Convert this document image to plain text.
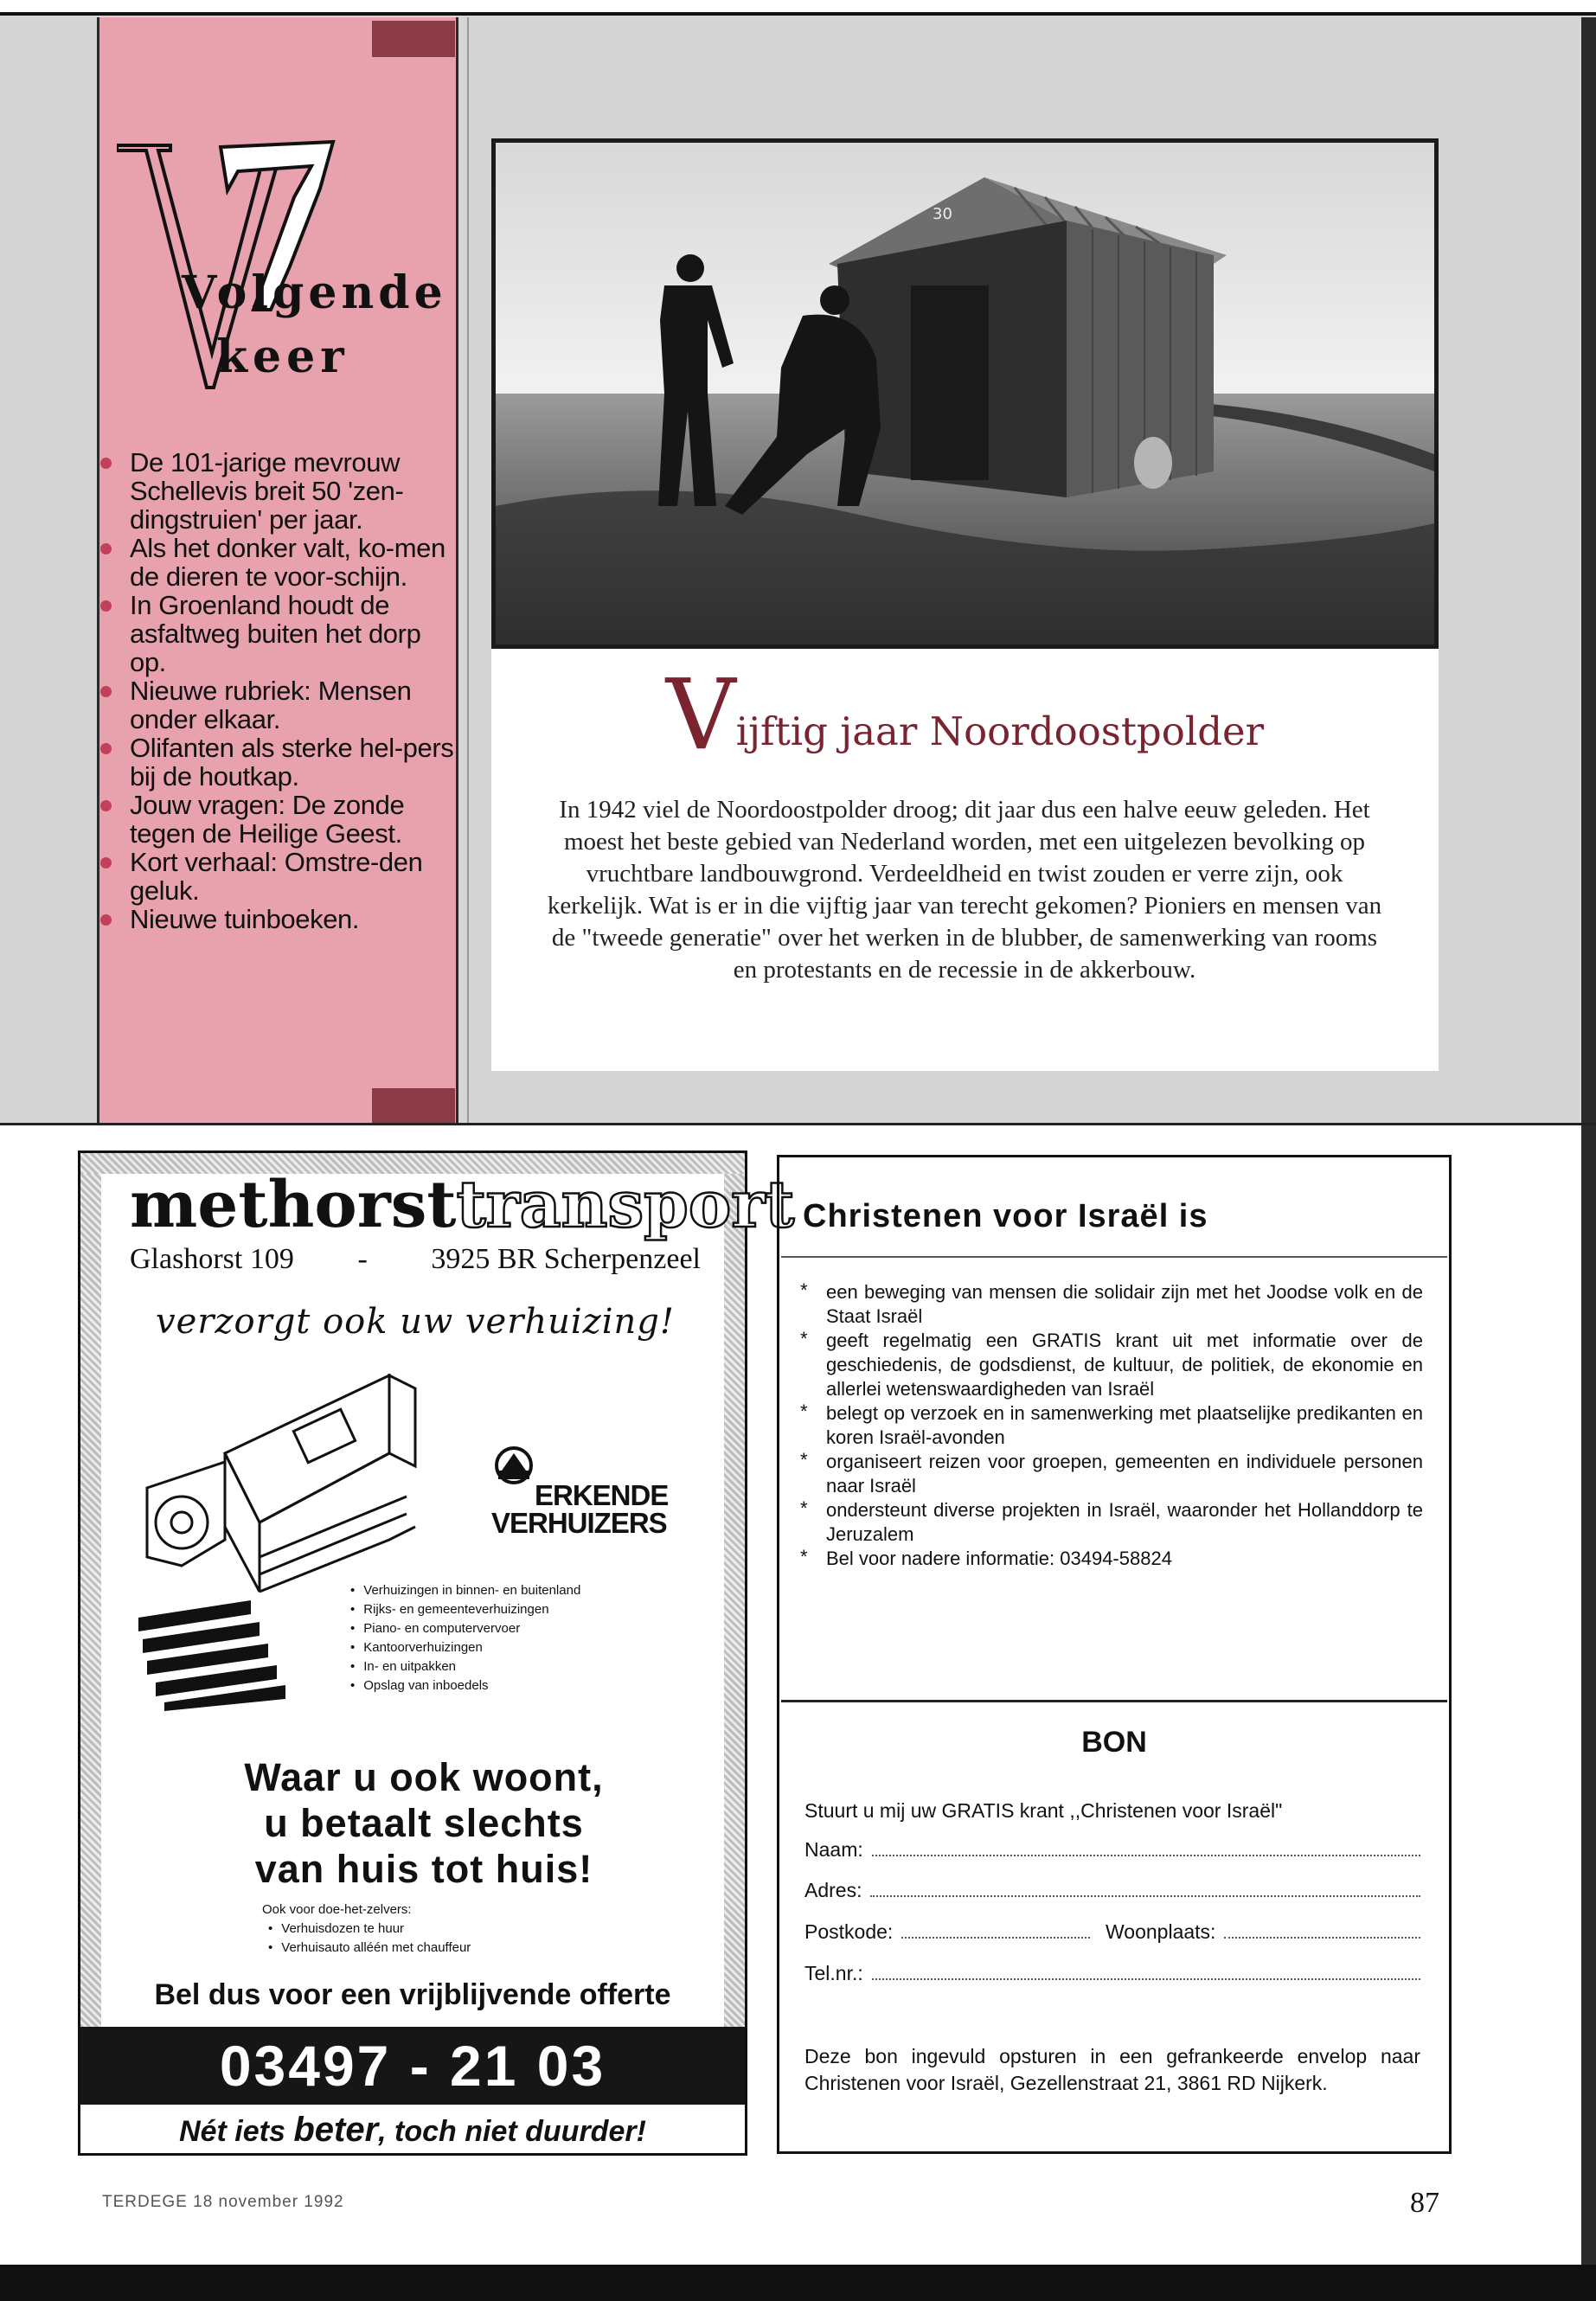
Volgende
keer
De 101-jarige mevrouw Schellevis breit 50 'zen-dingstruien' per jaar.
Als het donker valt, ko-men de dieren te voor-schijn.
In Groenland houdt de asfaltweg buiten het dorp op.
Nieuwe rubriek: Mensen onder elkaar.
Olifanten als sterke hel-pers bij de houtkap.
Jouw vragen: De zonde tegen de Heilige Geest.
Kort verhaal: Omstre-den geluk.
Nieuwe tuinboeken.
30
Vijftig jaar Noordoostpolder
In 1942 viel de Noordoostpolder droog; dit jaar dus een halve eeuw geleden. Het moest het beste gebied van Nederland worden, met een uitgelezen bevolking op vruchtbare landbouwgrond. Verdeeldheid en twist zouden er verre zijn, ook kerkelijk. Wat is er in die vijftig jaar van terecht gekomen? Pioniers en mensen van de "tweede generatie" over het werken in de blubber, de samenwerking van rooms en protestants en de recessie in de akkerbouw.
methorsttransport
Glashorst 109 - 3925 BR Scherpenzeel
verzorgt ook uw verhuizing!
ERKENDE
VERHUIZERS
• Verhuizingen in binnen- en buitenland
• Rijks- en gemeenteverhuizingen
• Piano- en computervervoer
• Kantoorverhuizingen
• In- en uitpakken
• Opslag van inboedels
Waar u ook woont,
u betaalt slechts
van huis tot huis!
Ook voor doe-het-zelvers:
• Verhuisdozen te huur
• Verhuisauto alléén met chauffeur
Bel dus voor een vrijblijvende offerte
03497 - 21 03
Nét iets beter, toch niet duurder!
Christenen voor Israël is
* een beweging van mensen die solidair zijn met het Joodse volk en de Staat Israël
* geeft regelmatig een GRATIS krant uit met informatie over de geschiedenis, de godsdienst, de kultuur, de politiek, de ekonomie en allerlei wetenswaardigheden van Israël
* belegt op verzoek en in samenwerking met plaatselijke predikanten en koren Israël-avonden
* organiseert reizen voor groepen, gemeenten en individuele personen naar Israël
* ondersteunt diverse projekten in Israël, waaronder het Hollanddorp te Jeruzalem
* Bel voor nadere informatie: 03494-58824
BON
Stuurt u mij uw GRATIS krant ,,Christenen voor Israël"
Naam:
Adres:
Postkode:	Woonplaats:
Tel.nr.:
Deze bon ingevuld opsturen in een gefrankeerde envelop naar Christenen voor Israël, Gezellenstraat 21, 3861 RD Nijkerk.
TERDEGE 18 november 1992	87
